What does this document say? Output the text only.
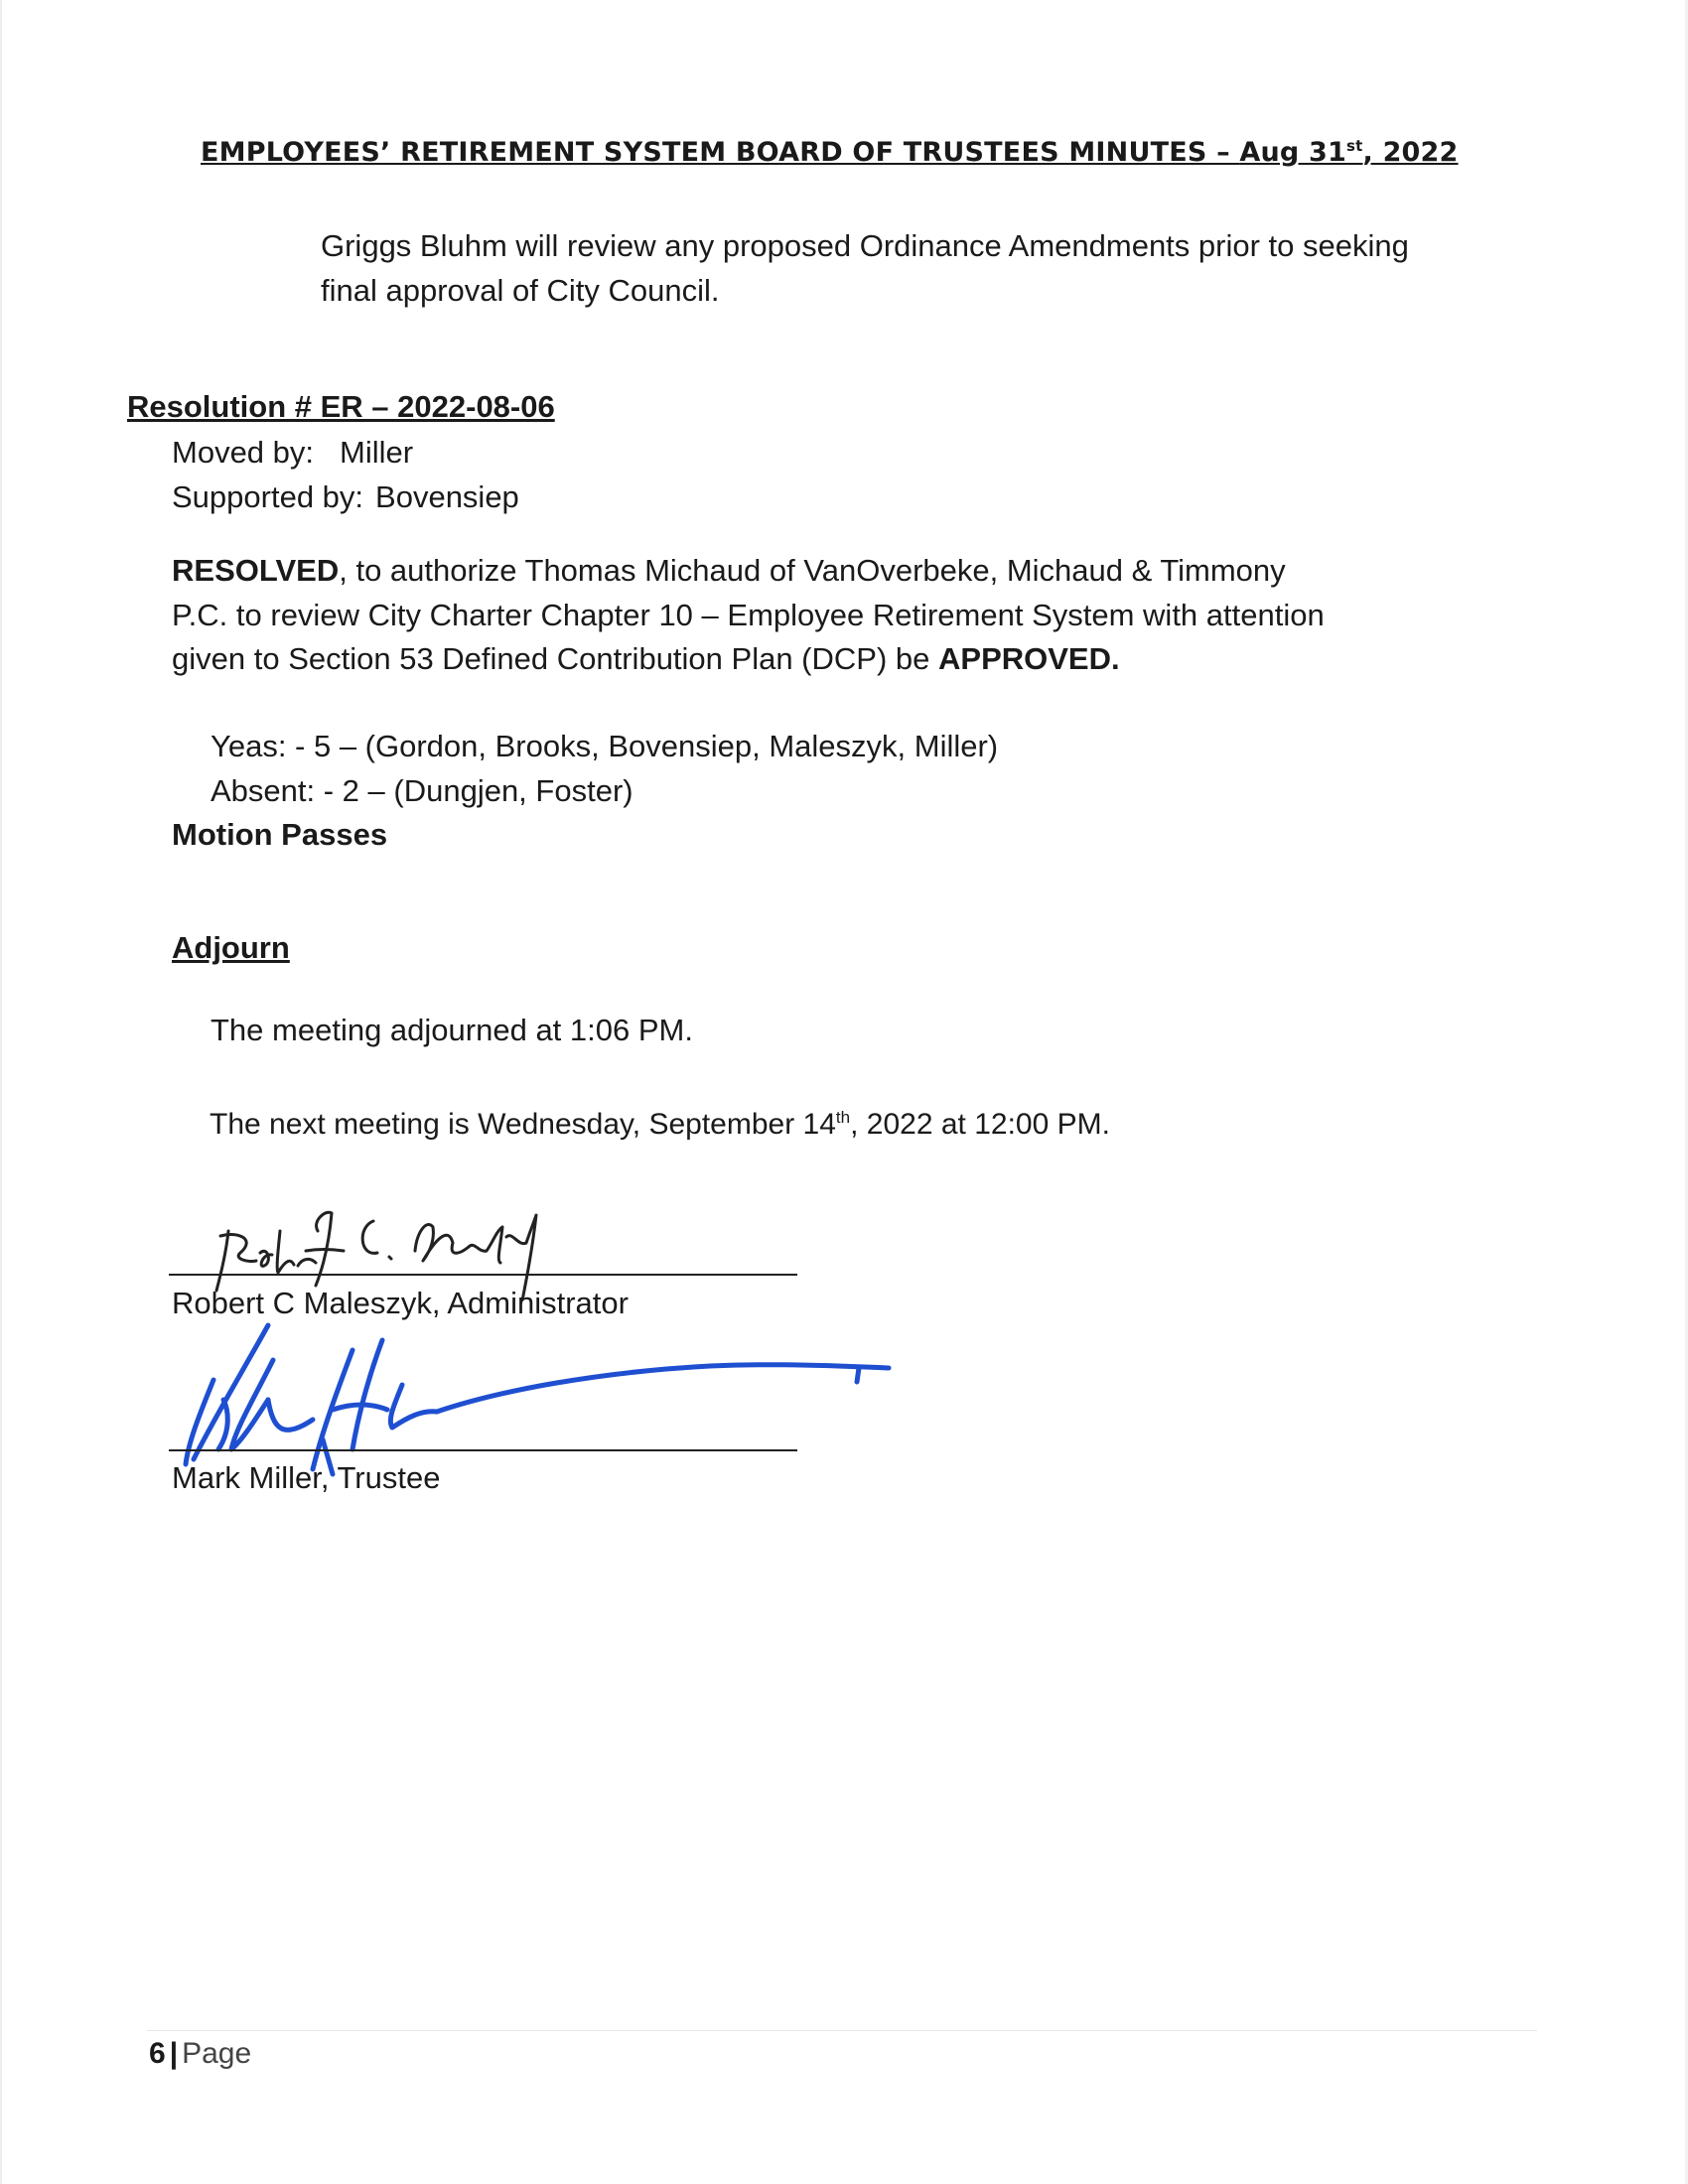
EMPLOYEES’ RETIREMENT SYSTEM BOARD OF TRUSTEES MINUTES – Aug 31st, 2022
Griggs Bluhm will review any proposed Ordinance Amendments prior to seeking
final approval of City Council.
Resolution # ER – 2022-08-06
Moved by: Miller
Supported by: Bovensiep
RESOLVED, to authorize Thomas Michaud of VanOverbeke, Michaud & Timmony
P.C. to review City Charter Chapter 10 – Employee Retirement System with attention
given to Section 53 Defined Contribution Plan (DCP) be APPROVED.
Yeas: - 5 – (Gordon, Brooks, Bovensiep, Maleszyk, Miller)
Absent: - 2 – (Dungjen, Foster)
Motion Passes
Adjourn
The meeting adjourned at 1:06 PM.
The next meeting is Wednesday, September 14th, 2022 at 12:00 PM.
Robert C Maleszyk, Administrator
Mark Miller, Trustee
6 | Page
